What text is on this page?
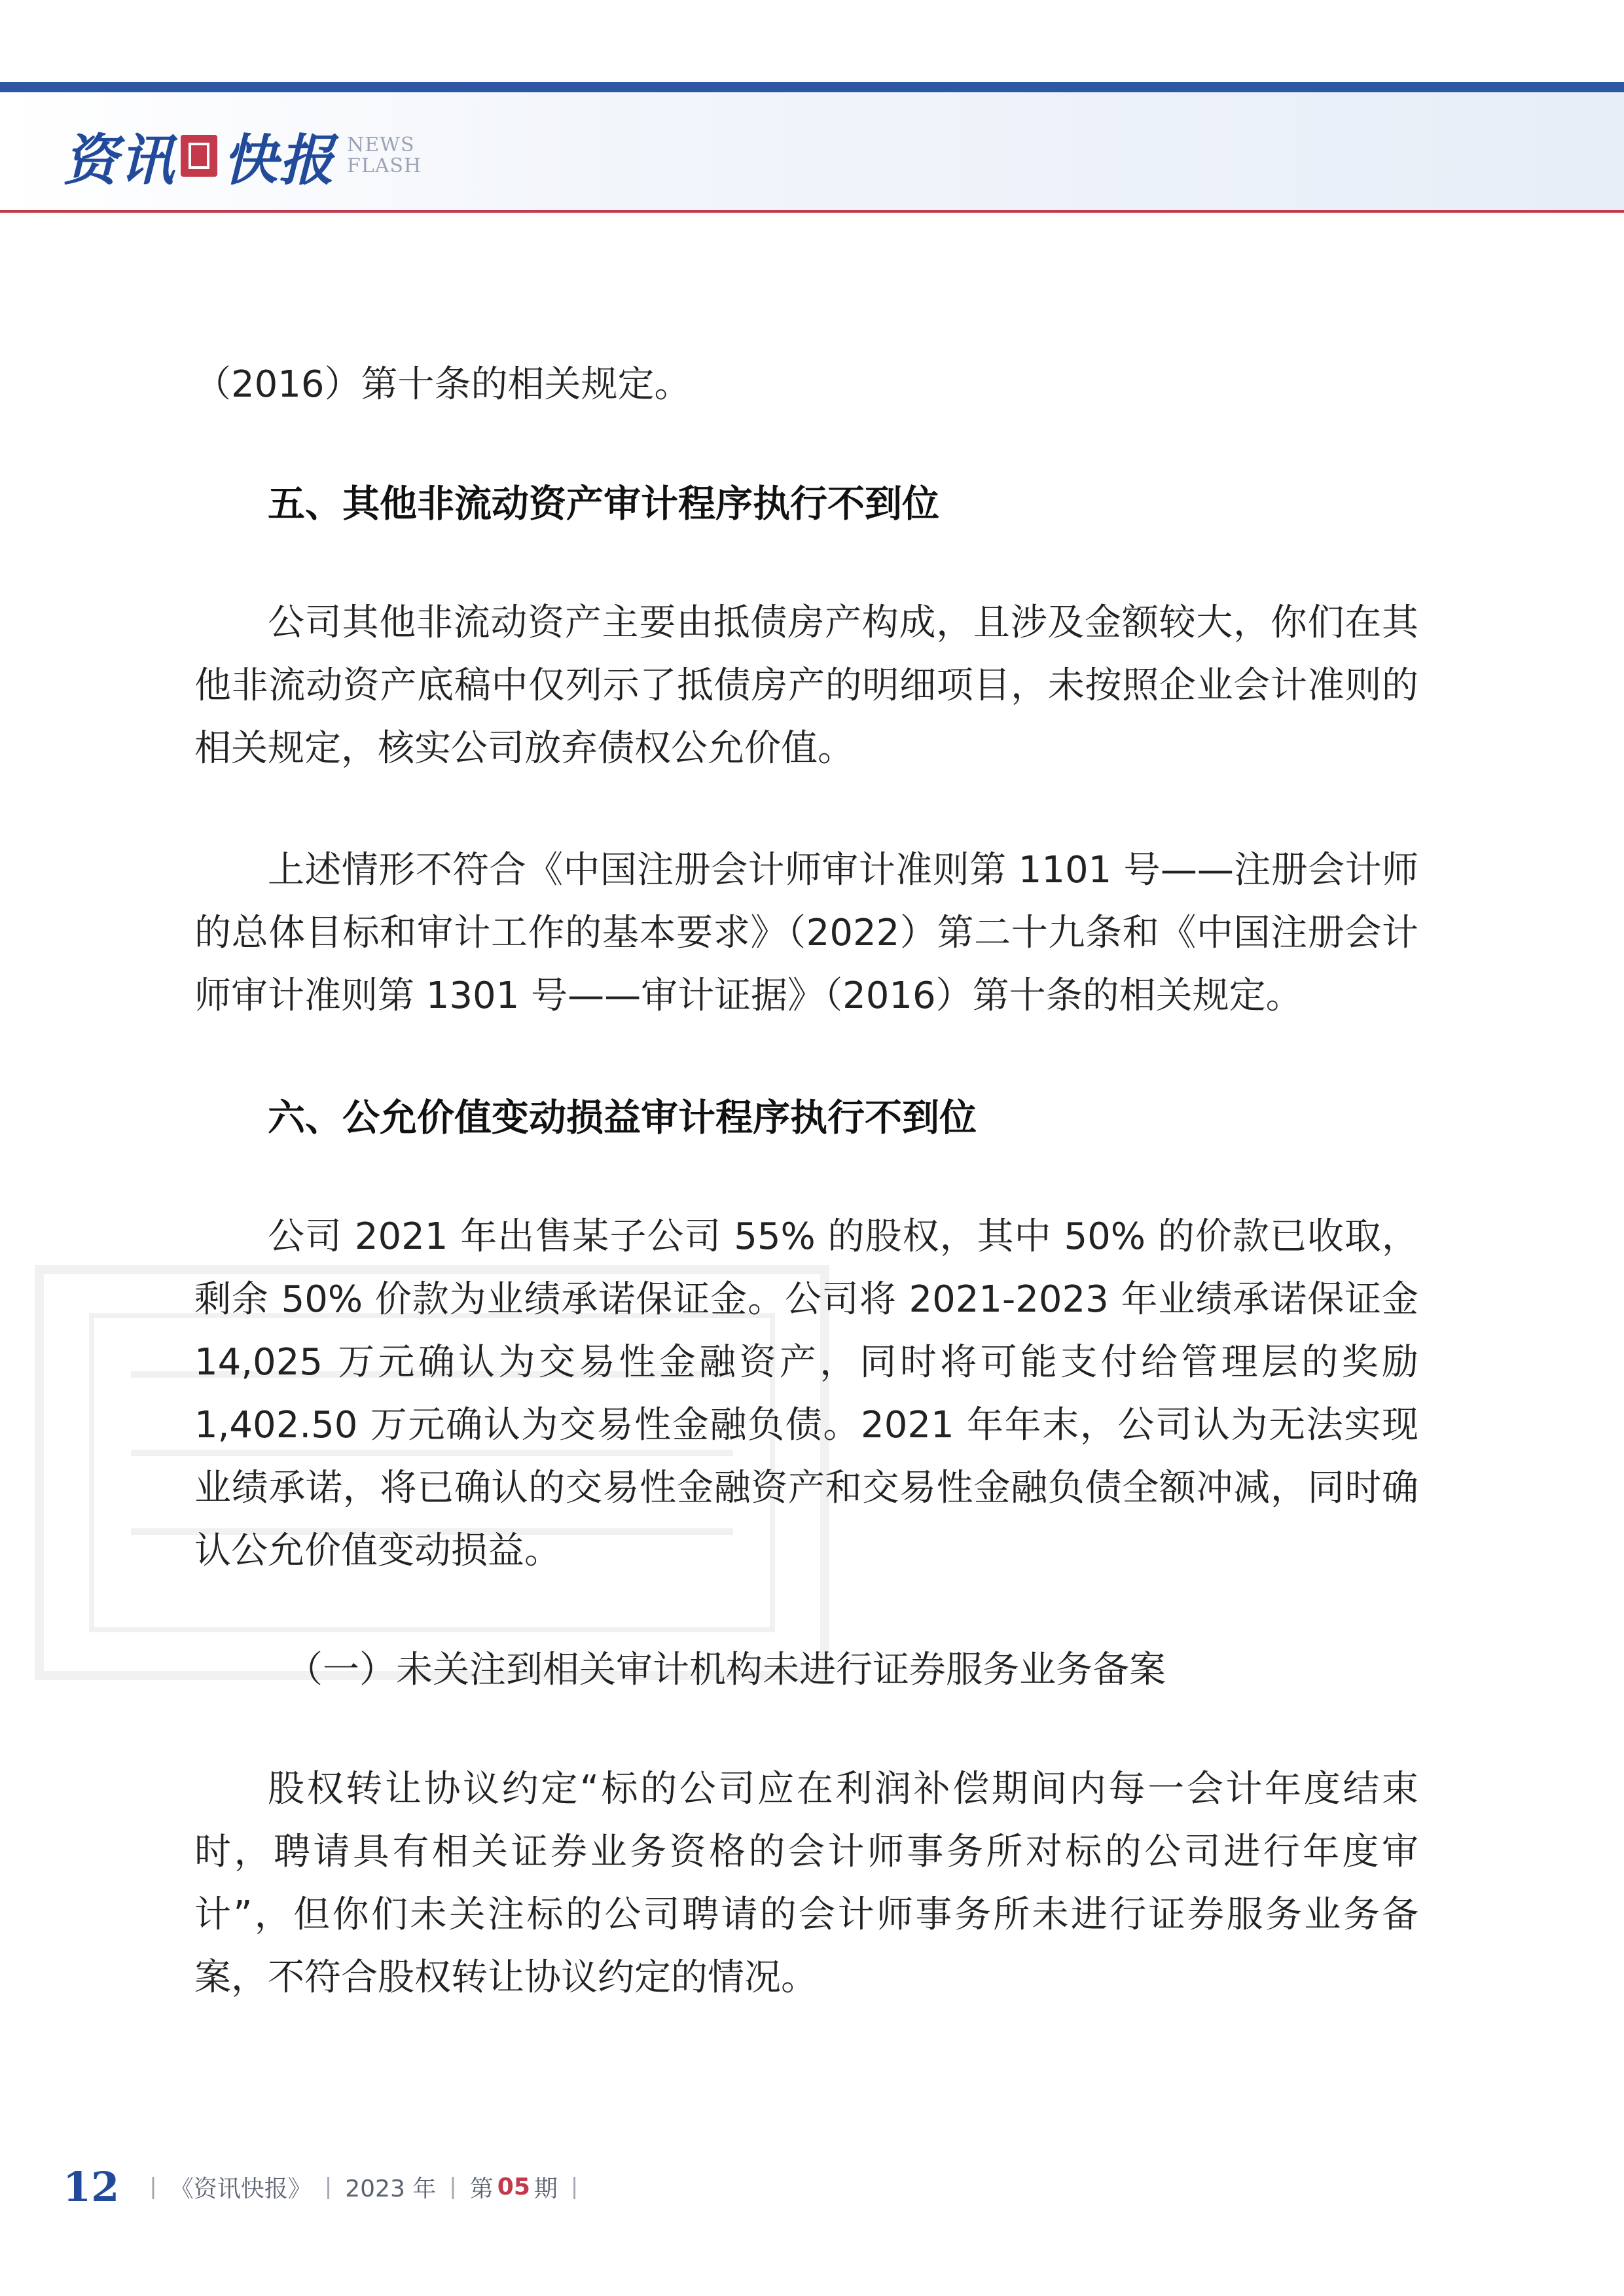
资讯 快报 NEWS
FLASH

（2016）第十条的相关规定。

五、其他非流动资产审计程序执行不到位

公司其他非流动资产主要由抵债房产构成，且涉及金额较大，你们在其他非流动资产底稿中仅列示了抵债房产的明细项目，未按照企业会计准则的相关规定，核实公司放弃债权公允价值。

上述情形不符合《中国注册会计师审计准则第 1101 号——注册会计师的总体目标和审计工作的基本要求》（2022）第二十九条和《中国注册会计师审计准则第 1301 号——审计证据》（2016）第十条的相关规定。

六、公允价值变动损益审计程序执行不到位

公司 2021 年出售某子公司 55% 的股权，其中 50% 的价款已收取，剩余 50% 价款为业绩承诺保证金。公司将 2021-2023 年业绩承诺保证金 14,025 万元确认为交易性金融资产，同时将可能支付给管理层的奖励 1,402.50 万元确认为交易性金融负债。2021 年年末，公司认为无法实现业绩承诺，将已确认的交易性金融资产和交易性金融负债全额冲减，同时确认公允价值变动损益。

（一）未关注到相关审计机构未进行证券服务业务备案

股权转让协议约定“标的公司应在利润补偿期间内每一会计年度结束时，聘请具有相关证券业务资格的会计师事务所对标的公司进行年度审计”，但你们未关注标的公司聘请的会计师事务所未进行证券服务业务备案，不符合股权转让协议约定的情况。

12 | 《资讯快报》 | 2023 年 | 第 05 期 |
